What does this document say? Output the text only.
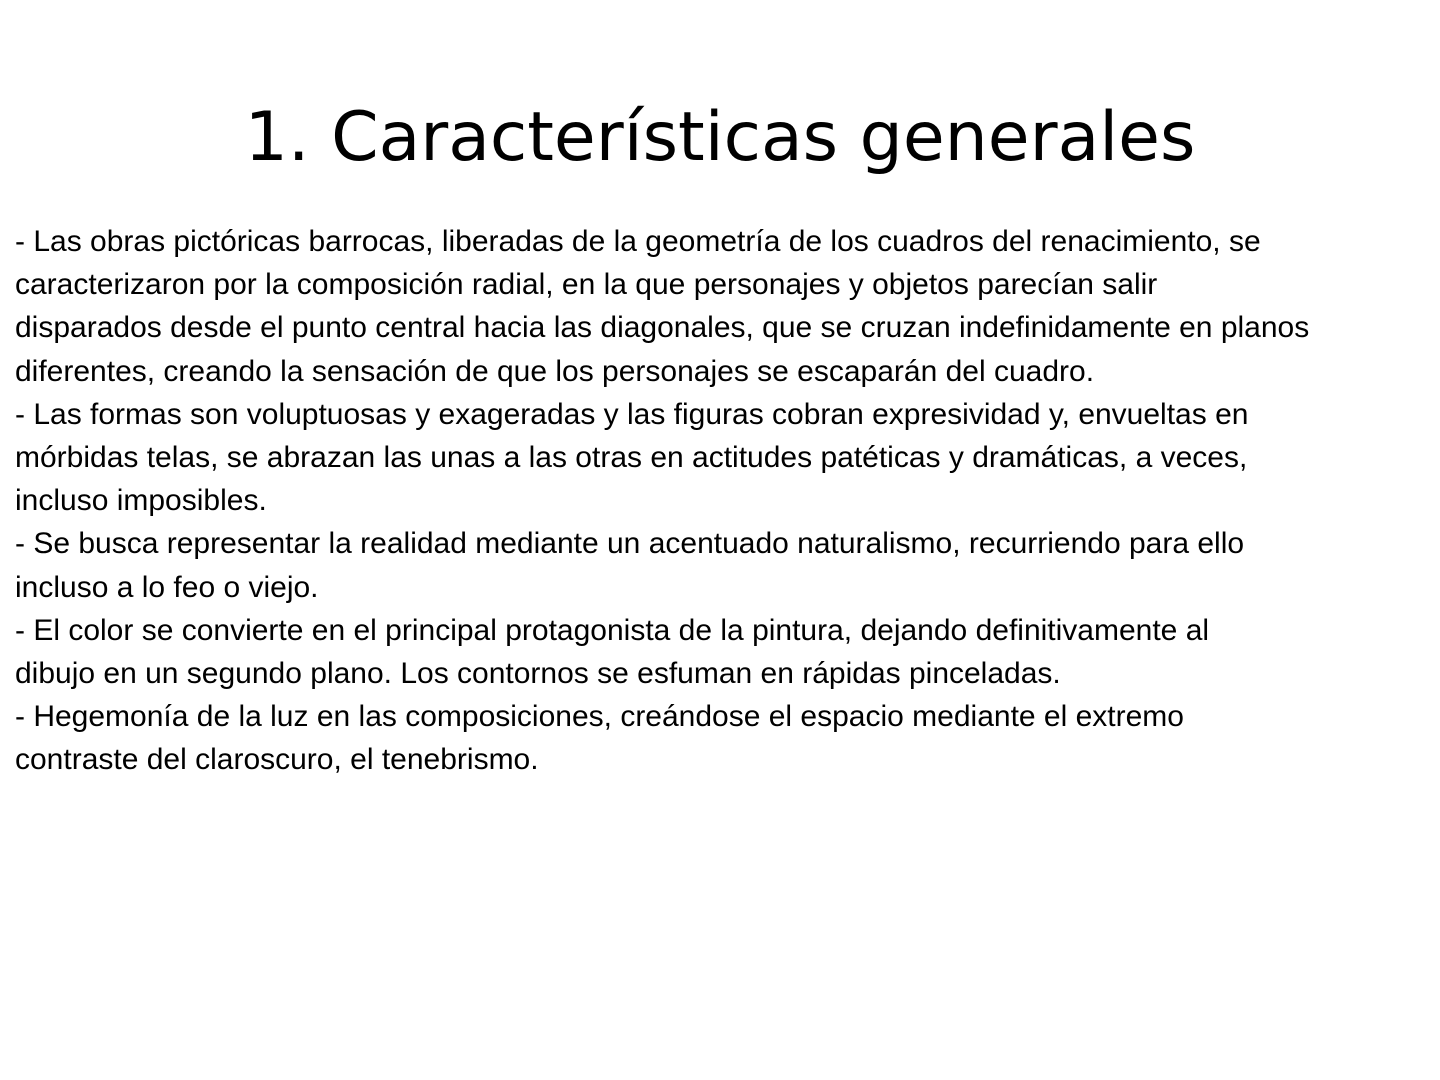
1. Características generales

- Las obras pictóricas barrocas, liberadas de la geometría de los cuadros del renacimiento, se
caracterizaron por la composición radial, en la que personajes y objetos parecían salir
disparados desde el punto central hacia las diagonales, que se cruzan indefinidamente en planos
diferentes, creando la sensación de que los personajes se escaparán del cuadro.

- Las formas son voluptuosas y exageradas y las figuras cobran expresividad y, envueltas en
mórbidas telas, se abrazan las unas a las otras en actitudes patéticas y dramáticas, a veces,
incluso imposibles.

- Se busca representar la realidad mediante un acentuado naturalismo, recurriendo para ello
incluso a lo feo o viejo.

- El color se convierte en el principal protagonista de la pintura, dejando definitivamente al
dibujo en un segundo plano. Los contornos se esfuman en rápidas pinceladas.

- Hegemonía de la luz en las composiciones, creándose el espacio mediante el extremo
contraste del claroscuro, el tenebrismo.
